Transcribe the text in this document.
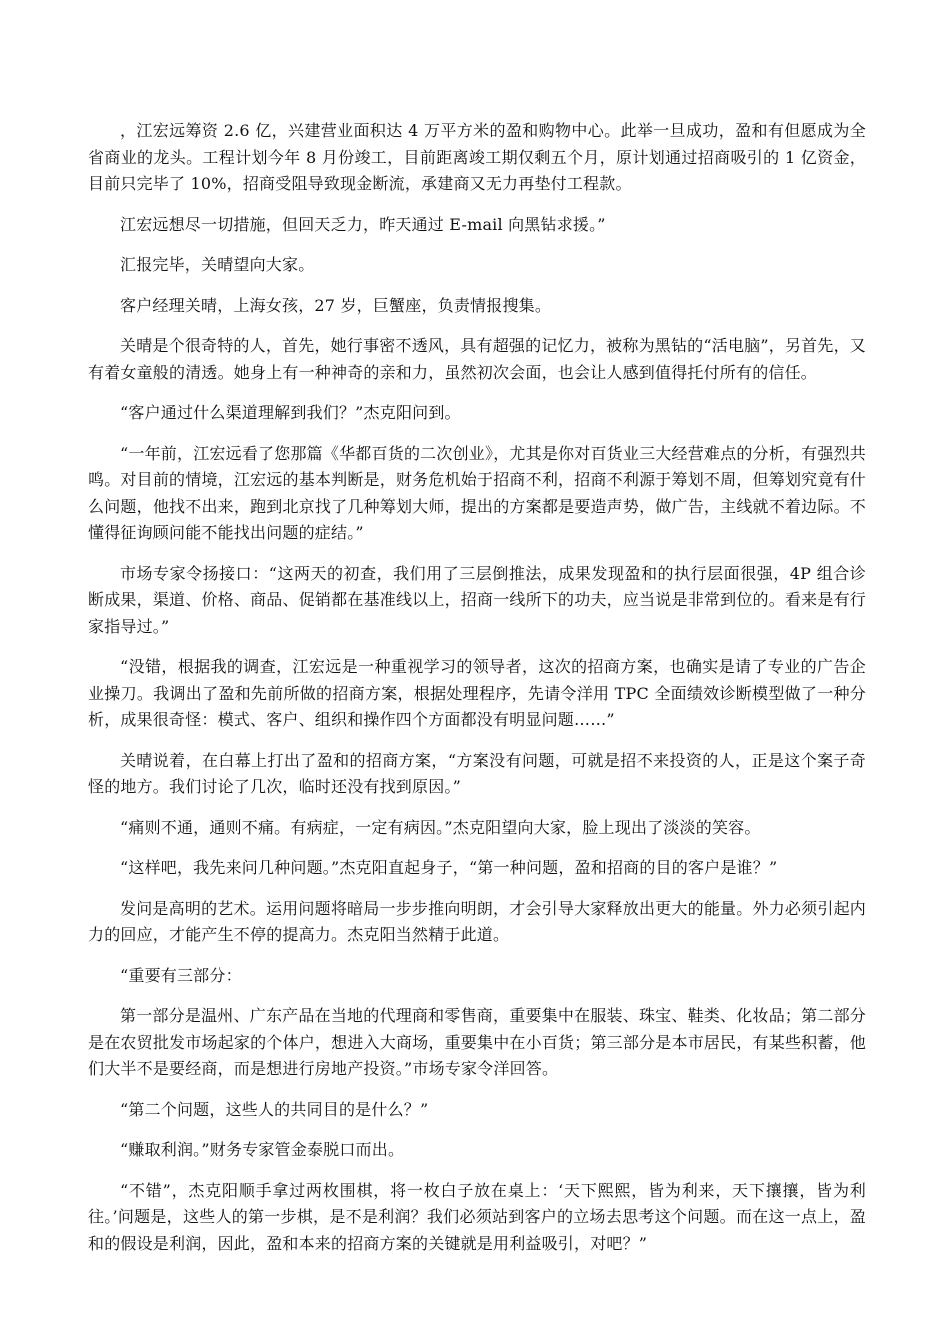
，江宏远筹资 2.6 亿，兴建营业面积达 4 万平方米的盈和购物中心。此举一旦成功，盈和有但愿成为全省商业的龙头。工程计划今年 8 月份竣工，目前距离竣工期仅剩五个月，原计划通过招商吸引的 1 亿资金，目前只完毕了 10%，招商受阻导致现金断流，承建商又无力再垫付工程款。

江宏远想尽一切措施，但回天乏力，昨天通过 E-mail 向黑钻求援。”

汇报完毕，关晴望向大家。

客户经理关晴，上海女孩，27 岁，巨蟹座，负责情报搜集。

关晴是个很奇特的人，首先，她行事密不透风，具有超强的记忆力，被称为黑钻的“活电脑”，另首先，又有着女童般的清透。她身上有一种神奇的亲和力，虽然初次会面，也会让人感到值得托付所有的信任。

“客户通过什么渠道理解到我们？”杰克阳问到。

“一年前，江宏远看了您那篇《华都百货的二次创业》，尤其是你对百货业三大经营难点的分析，有强烈共鸣。对目前的情境，江宏远的基本判断是，财务危机始于招商不利，招商不利源于筹划不周，但筹划究竟有什么问题，他找不出来，跑到北京找了几种筹划大师，提出的方案都是要造声势，做广告，主线就不着边际。不懂得征询顾问能不能找出问题的症结。”

市场专家令扬接口：“这两天的初查，我们用了三层倒推法，成果发现盈和的执行层面很强，4P 组合诊断成果，渠道、价格、商品、促销都在基准线以上，招商一线所下的功夫，应当说是非常到位的。看来是有行家指导过。”

“没错，根据我的调查，江宏远是一种重视学习的领导者，这次的招商方案，也确实是请了专业的广告企业操刀。我调出了盈和先前所做的招商方案，根据处理程序，先请令洋用 TPC 全面绩效诊断模型做了一种分析，成果很奇怪：模式、客户、组织和操作四个方面都没有明显问题……”

关晴说着，在白幕上打出了盈和的招商方案，“方案没有问题，可就是招不来投资的人，正是这个案子奇怪的地方。我们讨论了几次，临时还没有找到原因。”

“痛则不通，通则不痛。有病症，一定有病因。”杰克阳望向大家，脸上现出了淡淡的笑容。

“这样吧，我先来问几种问题。”杰克阳直起身子，“第一种问题，盈和招商的目的客户是谁？”

发问是高明的艺术。运用问题将暗局一步步推向明朗，才会引导大家释放出更大的能量。外力必须引起内力的回应，才能产生不停的提高力。杰克阳当然精于此道。

“重要有三部分：

第一部分是温州、广东产品在当地的代理商和零售商，重要集中在服装、珠宝、鞋类、化妆品；第二部分是在农贸批发市场起家的个体户，想进入大商场，重要集中在小百货；第三部分是本市居民，有某些积蓄，他们大半不是要经商，而是想进行房地产投资。”市场专家令洋回答。

“第二个问题，这些人的共同目的是什么？”

“赚取利润。”财务专家管金泰脱口而出。

“不错”，杰克阳顺手拿过两枚围棋，将一枚白子放在桌上：‘天下熙熙，皆为利来，天下攘攘，皆为利往。’问题是，这些人的第一步棋，是不是利润？我们必须站到客户的立场去思考这个问题。而在这一点上，盈和的假设是利润，因此，盈和本来的招商方案的关键就是用利益吸引，对吧？”
